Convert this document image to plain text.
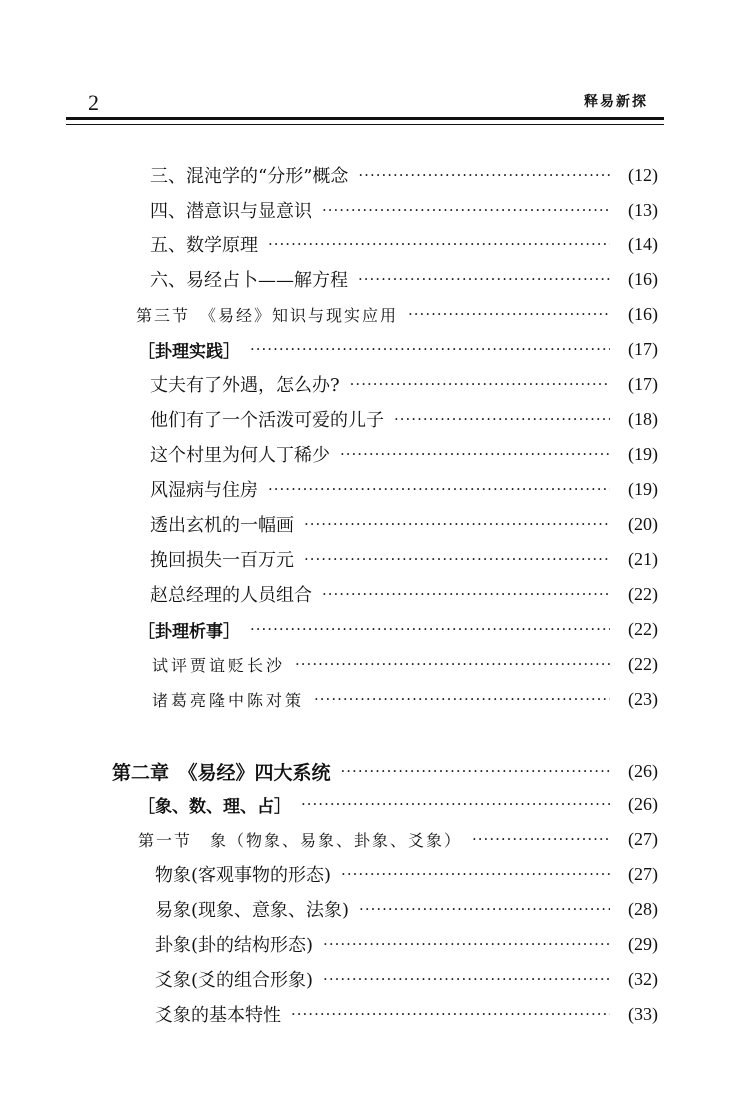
2	释易新探
三、混沌学的“分形”概念 ·····	(12)
四、潜意识与显意识 ·····	(13)
五、数学原理 ·····	(14)
六、易经占卜——解方程 ·····	(16)
第三节　《易经》知识与现实应用 ·····	(16)
［卦理实践］ ·····	(17)
丈夫有了外遇，怎么办? ·····	(17)
他们有了一个活泼可爱的儿子 ·····	(18)
这个村里为何人丁稀少 ·····	(19)
风湿病与住房 ·····	(19)
透出玄机的一幅画 ·····	(20)
挽回损失一百万元 ·····	(21)
赵总经理的人员组合 ·····	(22)
［卦理析事］ ·····	(22)
试评贾谊贬长沙 ·····	(22)
诸葛亮隆中陈对策 ·····	(23)
第二章　《易经》四大系统 ·····	(26)
［象、数、理、占］ ·····	(26)
第一节　象（物象、易象、卦象、爻象） ·····	(27)
物象(客观事物的形态) ·····	(27)
易象(现象、意象、法象) ·····	(28)
卦象(卦的结构形态) ·····	(29)
爻象(爻的组合形象) ·····	(32)
爻象的基本特性 ·····	(33)
